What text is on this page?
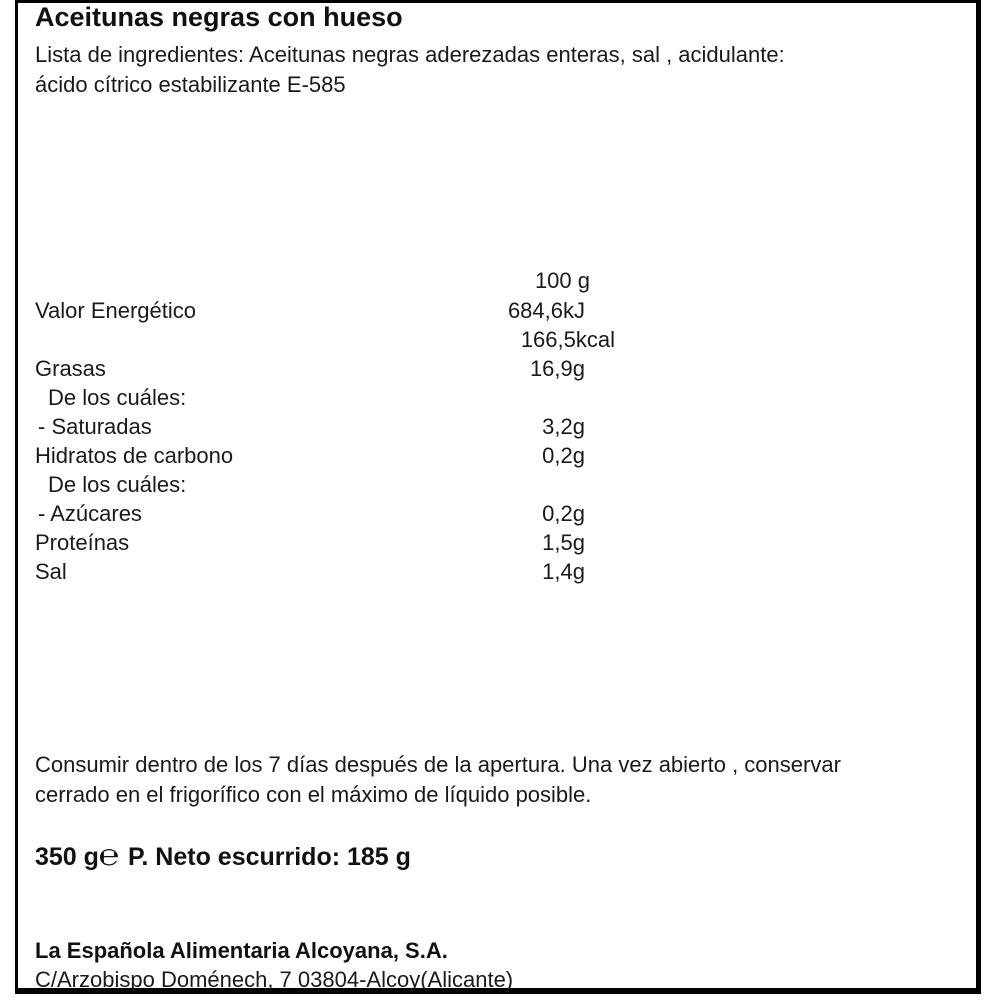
Aceitunas negras con hueso
Lista de ingredientes: Aceitunas negras aderezadas enteras, sal , acidulante:
ácido cítrico estabilizante E-585
100 g
Valor Energético	684,6kJ
166,5kcal
Grasas	16,9g
De los cuáles:
- Saturadas	3,2g
Hidratos de carbono	0,2g
De los cuáles:
- Azúcares	0,2g
Proteínas	1,5g
Sal	1,4g
Consumir dentro de los 7 días después de la apertura. Una vez abierto , conservar
cerrado en el frigorífico con el máximo de líquido posible.
350 g℮ P. Neto escurrido: 185 g
La Española Alimentaria Alcoyana, S.A.
C/Arzobispo Doménech, 7 03804-Alcoy(Alicante)
